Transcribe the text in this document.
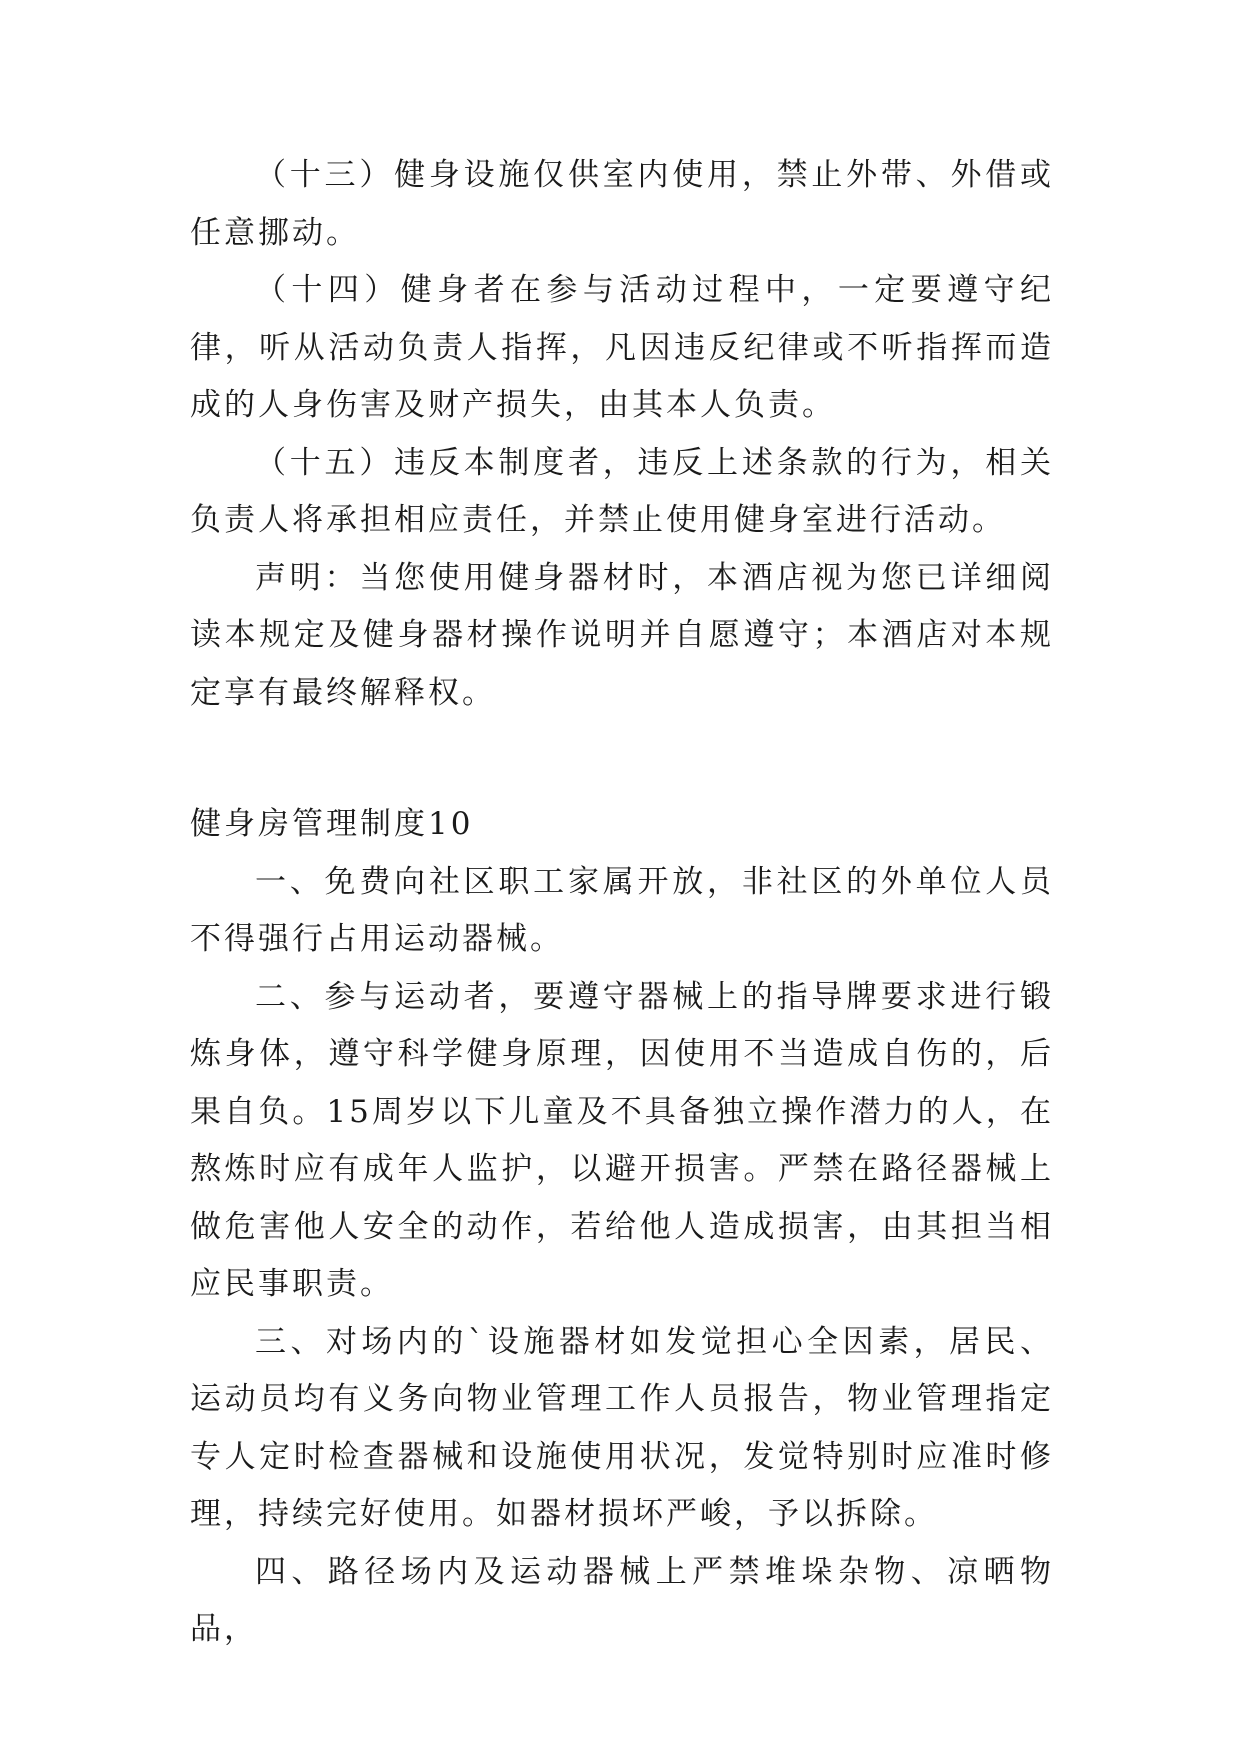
（十三）健身设施仅供室内使用，禁止外带、外借或任意挪动。

（十四）健身者在参与活动过程中，一定要遵守纪律，听从活动负责人指挥，凡因违反纪律或不听指挥而造成的人身伤害及财产损失，由其本人负责。

（十五）违反本制度者，违反上述条款的行为，相关负责人将承担相应责任，并禁止使用健身室进行活动。

声明：当您使用健身器材时，本酒店视为您已详细阅读本规定及健身器材操作说明并自愿遵守；本酒店对本规定享有最终解释权。

健身房管理制度10

一、免费向社区职工家属开放，非社区的外单位人员不得强行占用运动器械。

二、参与运动者，要遵守器械上的指导牌要求进行锻炼身体，遵守科学健身原理，因使用不当造成自伤的，后果自负。15周岁以下儿童及不具备独立操作潜力的人，在熬炼时应有成年人监护，以避开损害。严禁在路径器械上做危害他人安全的动作，若给他人造成损害，由其担当相应民事职责。

三、对场内的`设施器材如发觉担心全因素，居民、运动员均有义务向物业管理工作人员报告，物业管理指定专人定时检查器械和设施使用状况，发觉特别时应准时修理，持续完好使用。如器材损坏严峻，予以拆除。

四、路径场内及运动器械上严禁堆垛杂物、凉晒物品，
